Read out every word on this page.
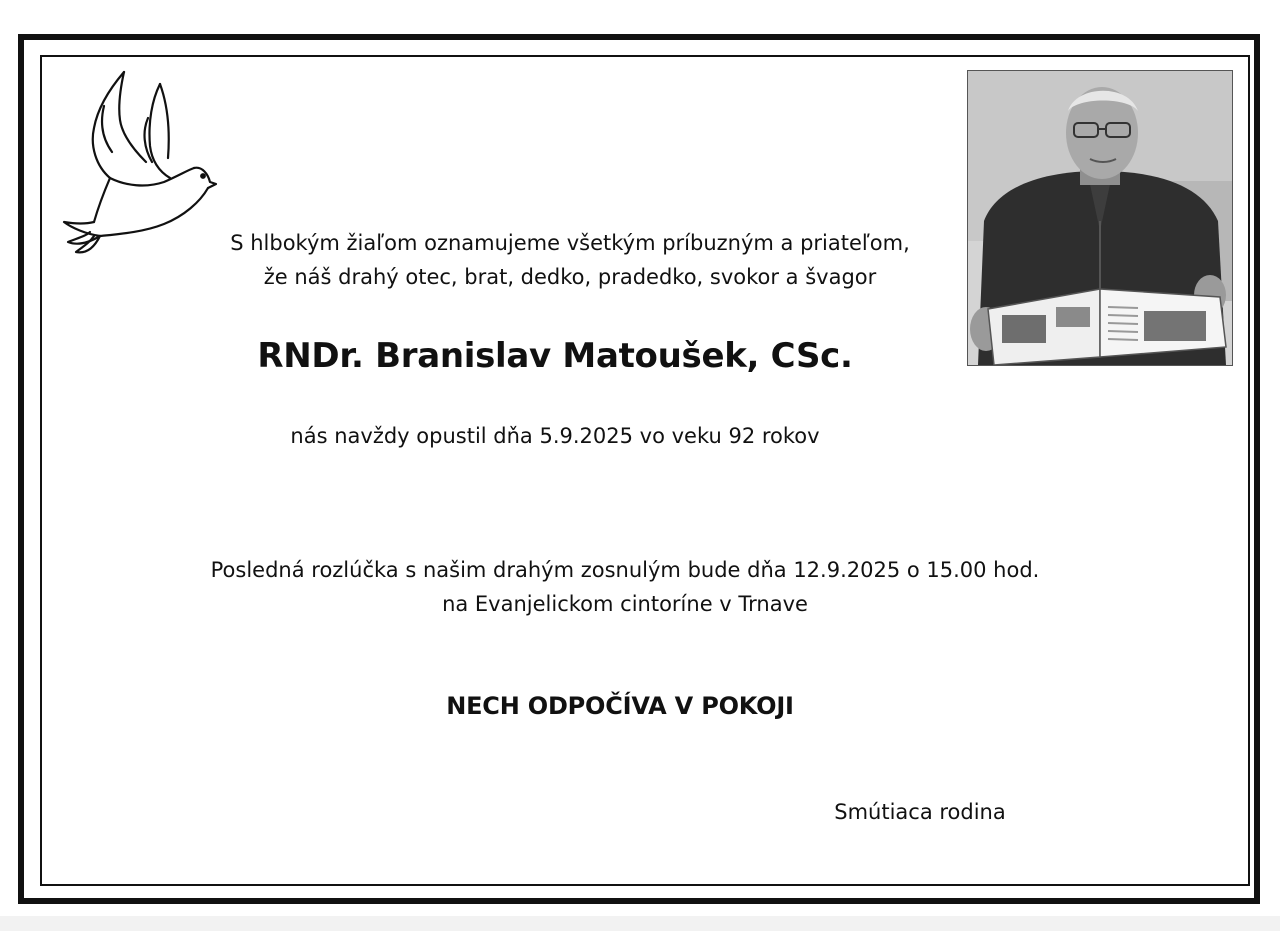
S hlbokým žiaľom oznamujeme všetkým príbuzným a priateľom,
že náš drahý otec, brat, dedko, pradedko, svokor a švagor
RNDr. Branislav Matoušek, CSc.
nás navždy opustil dňa 5.9.2025 vo veku 92 rokov
Posledná rozlúčka s našim drahým zosnulým bude dňa 12.9.2025 o 15.00 hod.
na Evanjelickom cintoríne v Trnave
NECH ODPOČÍVA V POKOJI
Smútiaca rodina
